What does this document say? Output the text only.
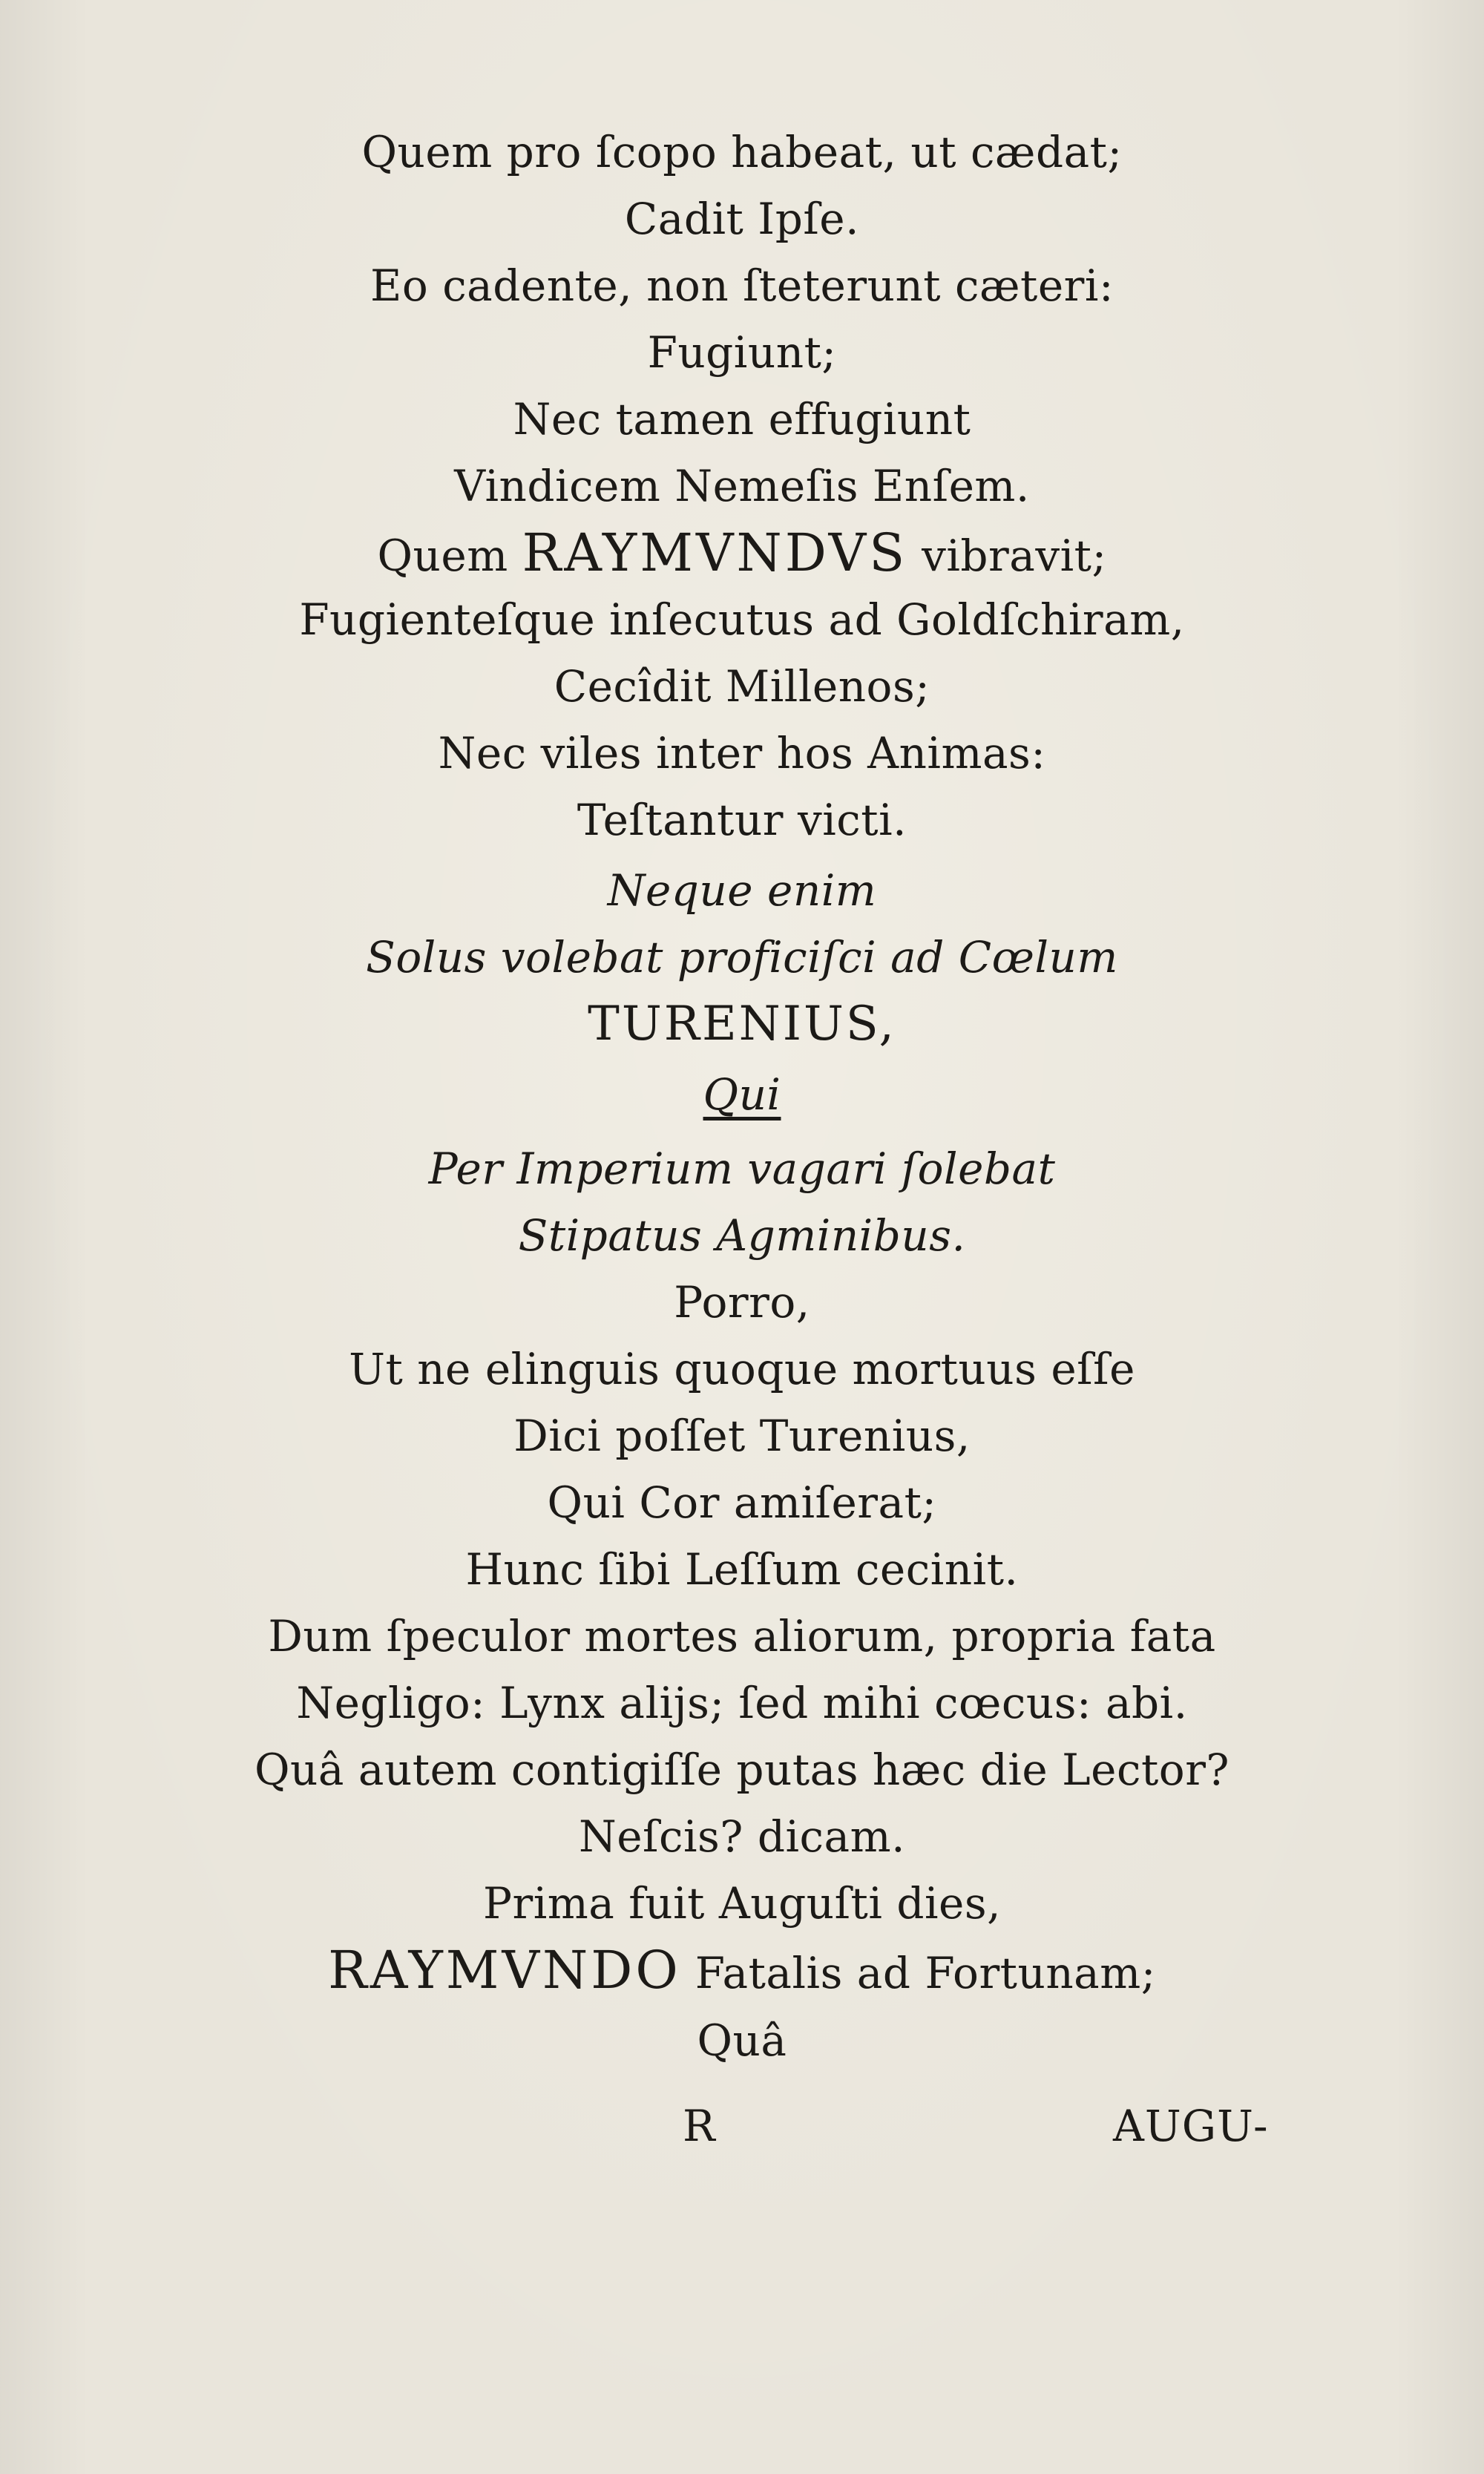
Quem pro ſcopo habeat, ut cædat;
Cadit Ipſe.
Eo cadente, non ſteterunt cæteri:
Fugiunt;
Nec tamen effugiunt
Vindicem Nemeſis Enſem.
Quem RAYMVNDVS vibravit;
Fugienteſque inſecutus ad Goldſchiram,
Cecîdit Millenos;
Nec viles inter hos Animas:
Teſtantur victi.
Neque enim
Solus volebat proficiſci ad Cœlum
TURENIUS,
Qui
Per Imperium vagari ſolebat
Stipatus Agminibus.
Porro,
Ut ne elinguis quoque mortuus eſſe
Dici poſſet Turenius,
Qui Cor amiſerat;
Hunc ſibi Leſſum cecinit.
Dum ſpeculor mortes aliorum, propria fata
Negligo: Lynx alijs; ſed mihi cœcus: abi.
Quâ autem contigiſſe putas hæc die Lector?
Neſcis? dicam.
Prima fuit Auguſti dies,
RAYMVNDO Fatalis ad Fortunam;
Quâ
R	AUGU-
